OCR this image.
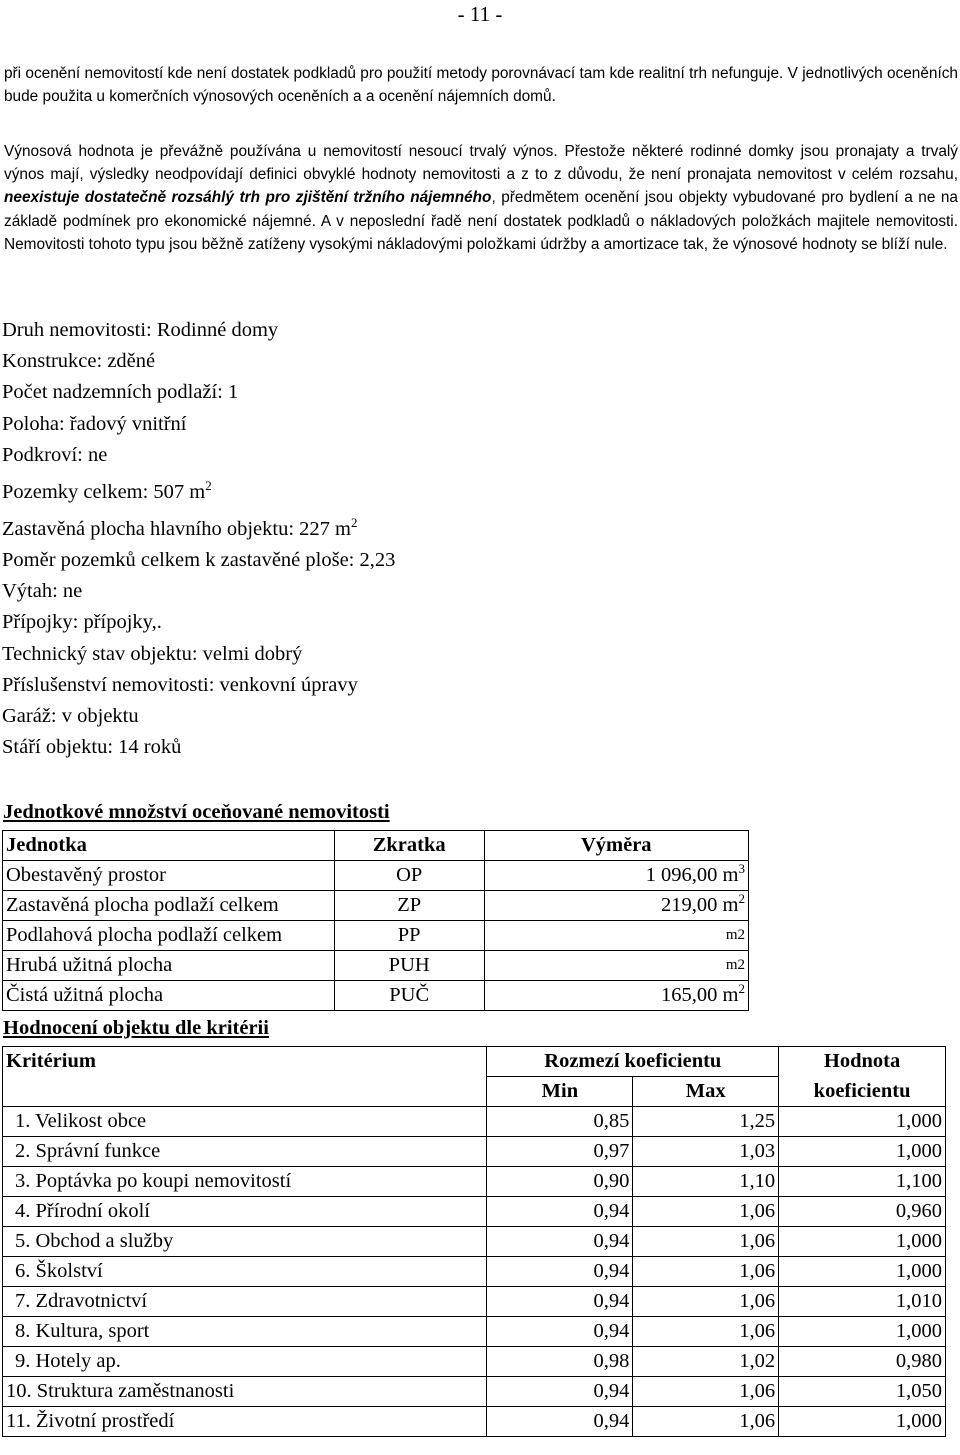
- 11 -
při ocenění nemovitostí kde není dostatek podkladů pro použití metody porovnávací tam kde realitní trh nefunguje. V jednotlivých oceněních bude použita u komerčních výnosových oceněních a a ocenění nájemních domů.
Výnosová hodnota je převážně používána u nemovitostí nesoucí trvalý výnos. Přestože některé rodinné domky jsou pronajaty a trvalý výnos mají, výsledky neodpovídají definici obvyklé hodnoty nemovitosti a z to z důvodu, že není pronajata nemovitost v celém rozsahu, neexistuje dostatečně rozsáhlý trh pro zjištění tržního nájemného, předmětem ocenění jsou objekty vybudované pro bydlení a ne na základě podmínek pro ekonomické nájemné. A v neposlední řadě není dostatek podkladů o nákladových položkách majitele nemovitosti. Nemovitosti tohoto typu jsou běžně zatíženy vysokými nákladovými položkami údržby a amortizace tak, že výnosové hodnoty se blíží nule.
Druh nemovitosti: Rodinné domy
Konstrukce: zděné
Počet nadzemních podlaží: 1
Poloha: řadový vnitřní
Podkroví: ne
Pozemky celkem: 507 $m^2$
Zastavěná plocha hlavního objektu: 227 $m^2$
Poměr pozemků celkem k zastavěné ploše: 2,23
Výtah: ne
Přípojky: přípojky,.
Technický stav objektu: velmi dobrý
Příslušenství nemovitosti: venkovní úpravy
Garáž: v objektu
Stáří objektu: 14 roků
Jednotkové množství oceňované nemovitosti
Jednotka	Zkratka	Výměra
Obestavěný prostor	OP	1 096,00 $m^3$
Zastavěná plocha podlaží celkem	ZP	219,00 $m^2$
Podlahová plocha podlaží celkem	PP	m2
Hrubá užitná plocha	PUH	m2
Čistá užitná plocha	PUČ	165,00 $m^2$
Hodnocení objektu dle kritérii
Kritérium	Rozmezí koeficientu		Hodnota
	Min	Max	koeficientu
1. Velikost obce	0,85	1,25	1,000
2. Správní funkce	0,97	1,03	1,000
3. Poptávka po koupi nemovitostí	0,90	1,10	1,100
4. Přírodní okolí	0,94	1,06	0,960
5. Obchod a služby	0,94	1,06	1,000
6. Školství	0,94	1,06	1,000
7. Zdravotnictví	0,94	1,06	1,010
8. Kultura, sport	0,94	1,06	1,000
9. Hotely ap.	0,98	1,02	0,980
10. Struktura zaměstnanosti	0,94	1,06	1,050
11. Životní prostředí	0,94	1,06	1,000
